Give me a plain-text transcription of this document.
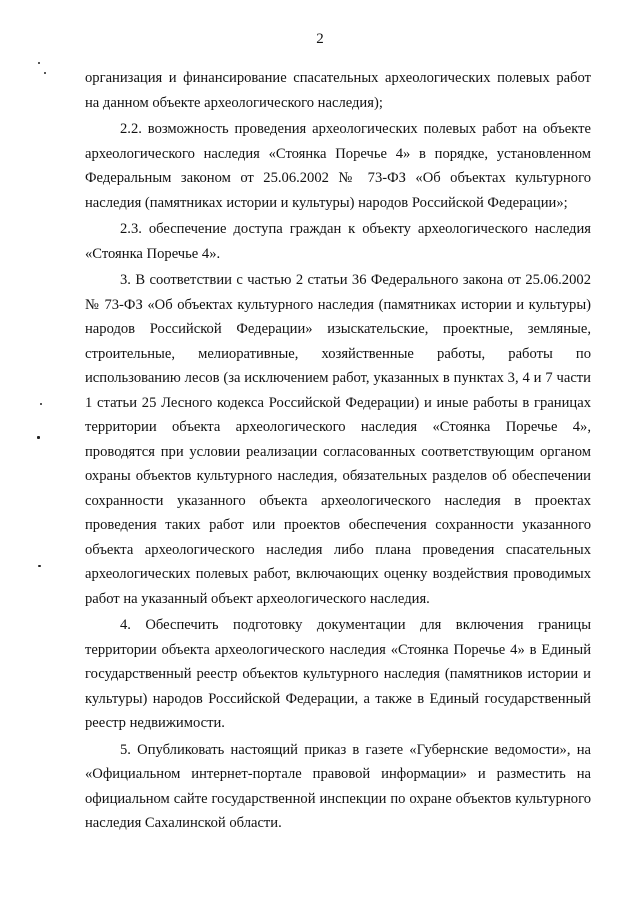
2

организация и финансирование спасательных археологических полевых работ на данном объекте археологического наследия);

2.2. возможность проведения археологических полевых работ на объекте археологического наследия «Стоянка Поречье 4» в порядке, установленном Федеральным законом от 25.06.2002 № 73-ФЗ «Об объектах культурного наследия (памятниках истории и культуры) народов Российской Федерации»;

2.3. обеспечение доступа граждан к объекту археологического наследия «Стоянка Поречье 4».

3. В соответствии с частью 2 статьи 36 Федерального закона от 25.06.2002 № 73-ФЗ «Об объектах культурного наследия (памятниках истории и культуры) народов Российской Федерации» изыскательские, проектные, земляные, строительные, мелиоративные, хозяйственные работы, работы по использованию лесов (за исключением работ, указанных в пунктах 3, 4 и 7 части 1 статьи 25 Лесного кодекса Российской Федерации) и иные работы в границах территории объекта археологического наследия «Стоянка Поречье 4», проводятся при условии реализации согласованных соответствующим органом охраны объектов культурного наследия, обязательных разделов об обеспечении сохранности указанного объекта археологического наследия в проектах проведения таких работ или проектов обеспечения сохранности указанного объекта археологического наследия либо плана проведения спасательных археологических полевых работ, включающих оценку воздействия проводимых работ на указанный объект археологического наследия.

4. Обеспечить подготовку документации для включения границы территории объекта археологического наследия «Стоянка Поречье 4» в Единый государственный реестр объектов культурного наследия (памятников истории и культуры) народов Российской Федерации, а также в Единый государственный реестр недвижимости.

5. Опубликовать настоящий приказ в газете «Губернские ведомости», на «Официальном интернет-портале правовой информации» и разместить на официальном сайте государственной инспекции по охране объектов культурного наследия Сахалинской области.
